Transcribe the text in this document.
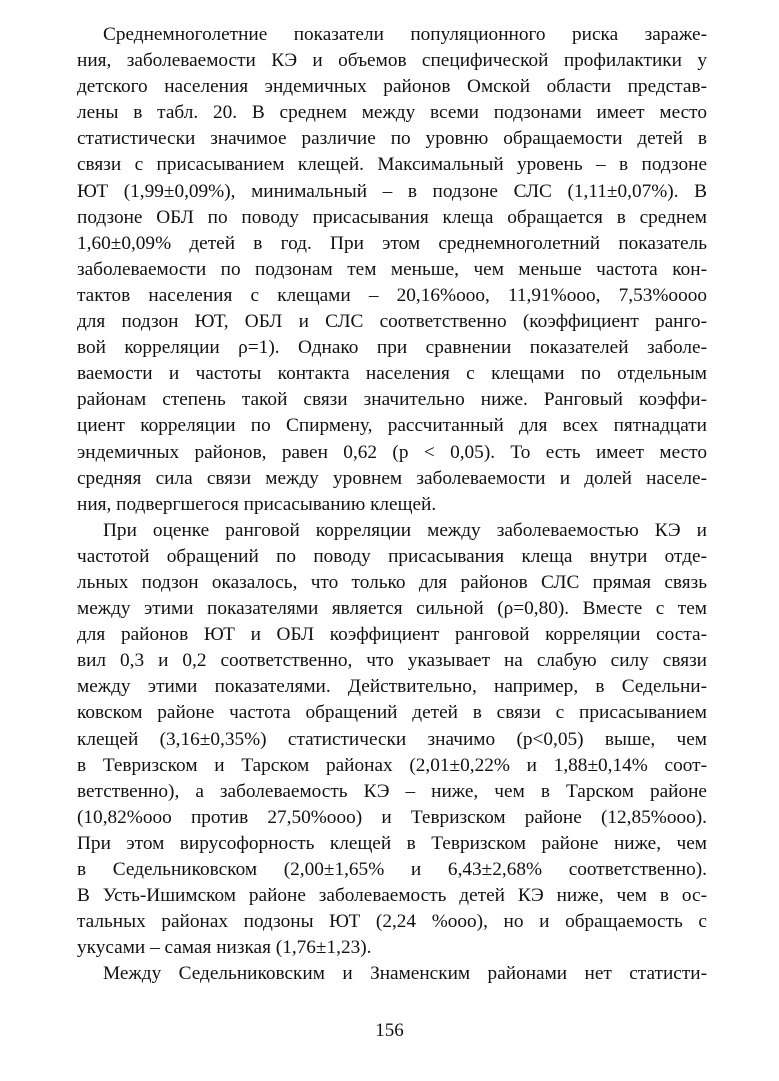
Среднемноголетние показатели популяционного риска зараже-
ния, заболеваемости КЭ и объемов специфической профилактики у
детского населения эндемичных районов Омской области представ-
лены в табл. 20. В среднем между всеми подзонами имеет место
статистически значимое различие по уровню обращаемости детей в
связи с присасыванием клещей. Максимальный уровень – в подзоне
ЮТ (1,99±0,09%), минимальный – в подзоне СЛС (1,11±0,07%). В
подзоне ОБЛ по поводу присасывания клеща обращается в среднем
1,60±0,09% детей в год. При этом среднемноголетний показатель
заболеваемости по подзонам тем меньше, чем меньше частота кон-
тактов населения с клещами – 20,16%ооо, 11,91%ооо, 7,53%оооо
для подзон ЮТ, ОБЛ и СЛС соответственно (коэффициент ранго-
вой корреляции ρ=1). Однако при сравнении показателей заболе-
ваемости и частоты контакта населения с клещами по отдельным
районам степень такой связи значительно ниже. Ранговый коэффи-
циент корреляции по Спирмену, рассчитанный для всех пятнадцати
эндемичных районов, равен 0,62 (p < 0,05). То есть имеет место
средняя сила связи между уровнем заболеваемости и долей населе-
ния, подвергшегося присасыванию клещей.

При оценке ранговой корреляции между заболеваемостью КЭ и
частотой обращений по поводу присасывания клеща внутри отде-
льных подзон оказалось, что только для районов СЛС прямая связь
между этими показателями является сильной (ρ=0,80). Вместе с тем
для районов ЮТ и ОБЛ коэффициент ранговой корреляции соста-
вил 0,3 и 0,2 соответственно, что указывает на слабую силу связи
между этими показателями. Действительно, например, в Седельни-
ковском районе частота обращений детей в связи с присасыванием
клещей (3,16±0,35%) статистически значимо (p<0,05) выше, чем
в Тевризском и Тарском районах (2,01±0,22% и 1,88±0,14% соот-
ветственно), а заболеваемость КЭ – ниже, чем в Тарском районе
(10,82%ооо против 27,50%ооо) и Тевризском районе (12,85%ооо).
При этом вирусофорность клещей в Тевризском районе ниже, чем
в Седельниковском (2,00±1,65% и 6,43±2,68% соответственно).
В Усть-Ишимском районе заболеваемость детей КЭ ниже, чем в ос-
тальных районах подзоны ЮТ (2,24 %ооо), но и обращаемость с
укусами – самая низкая (1,76±1,23).

Между Седельниковским и Знаменским районами нет статисти-

156
